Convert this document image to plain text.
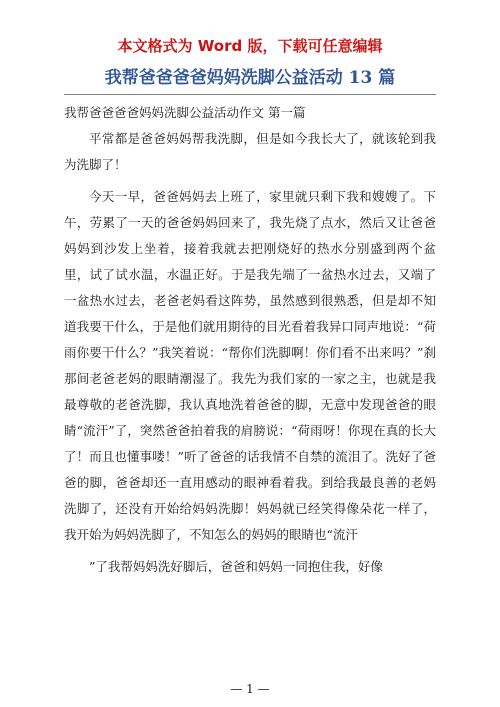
本文格式为 Word 版，下载可任意编辑
我帮爸爸爸爸妈妈洗脚公益活动 13 篇

我帮爸爸爸爸妈妈洗脚公益活动作文 第一篇

平常都是爸爸妈妈帮我洗脚，但是如今我长大了，就该轮到我为洗脚了！

今天一早，爸爸妈妈去上班了，家里就只剩下我和嫂嫂了。下午，劳累了一天的爸爸妈妈回来了，我先烧了点水，然后又让爸爸妈妈到沙发上坐着，接着我就去把刚烧好的热水分别盛到两个盆里，试了试水温，水温正好。于是我先端了一盆热水过去，又端了一盆热水过去，老爸老妈看这阵势，虽然感到很熟悉，但是却不知道我要干什么，于是他们就用期待的目光看着我异口同声地说：“荷雨你要干什么？”我笑着说：“帮你们洗脚啊！你们看不出来吗？”刹那间老爸老妈的眼睛潮湿了。我先为我们家的一家之主，也就是我最尊敬的老爸洗脚，我认真地洗着爸爸的脚，无意中发现爸爸的眼睛“流汗”了，突然爸爸拍着我的肩膀说：“荷雨呀！你现在真的长大了！而且也懂事喽！”听了爸爸的话我情不自禁的流泪了。洗好了爸爸的脚，爸爸却还一直用感动的眼神看着我。到给我最良善的老妈洗脚了，还没有开始给妈妈洗脚！妈妈就已经笑得像朵花一样了，我开始为妈妈洗脚了，不知怎么的妈妈的眼睛也“流汗

”了我帮妈妈洗好脚后，爸爸和妈妈一同抱住我，好像

— 1 —
